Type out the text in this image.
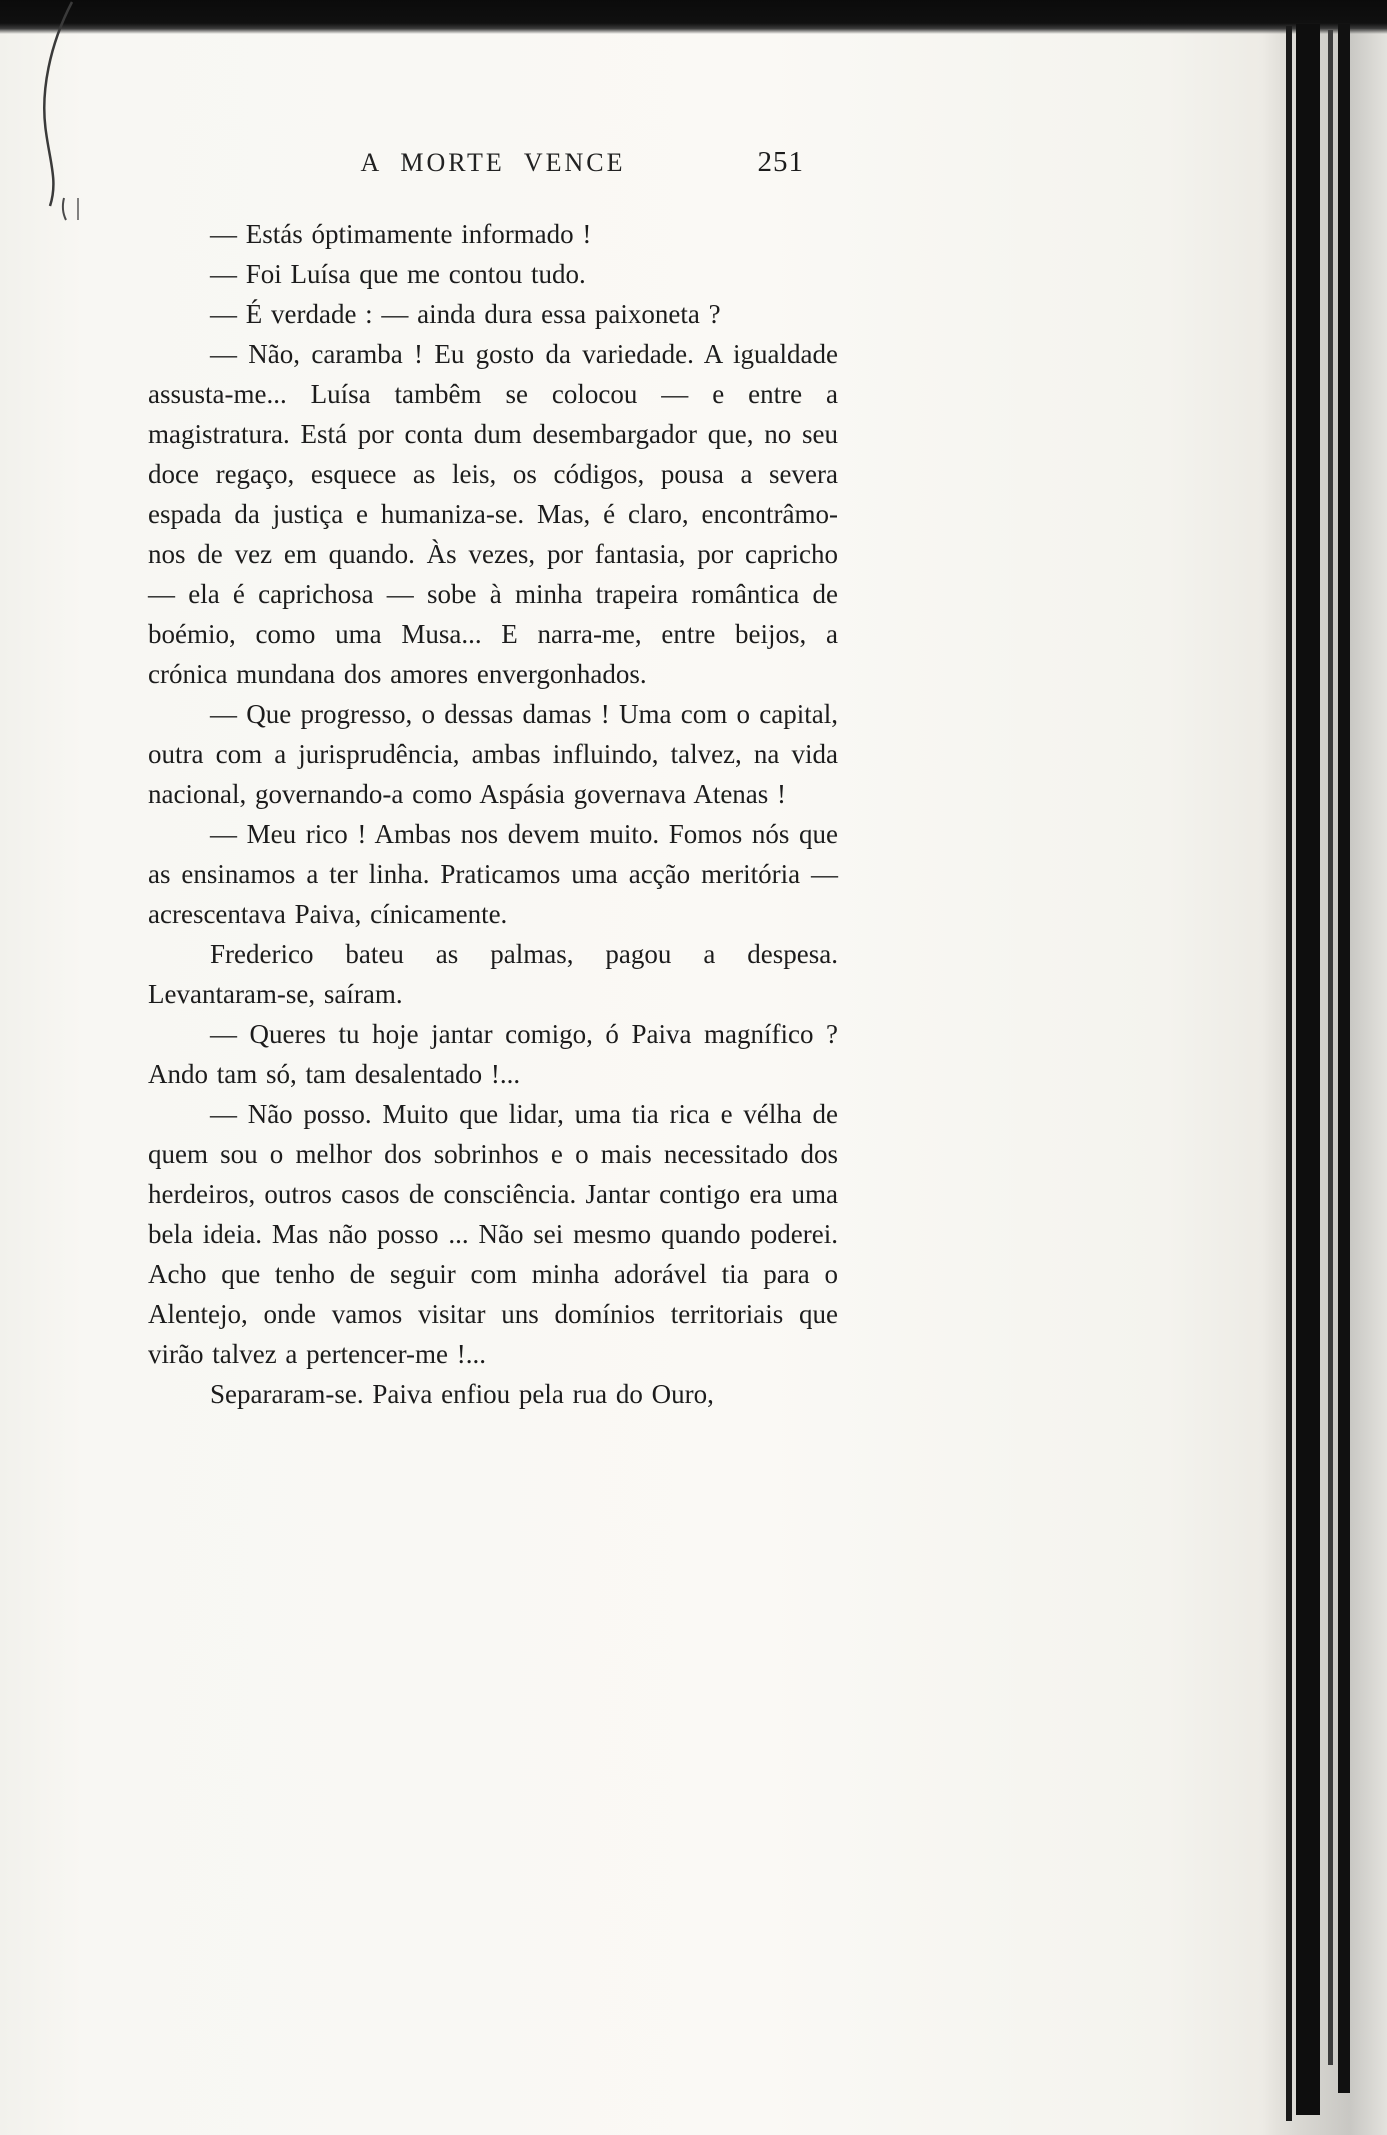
A MORTE VENCE	251

— Estás óptimamente informado !

— Foi Luísa que me contou tudo.

— É verdade : — ainda dura essa paixoneta ?

— Não, caramba ! Eu gosto da variedade. A igualdade assusta-me... Luísa tambêm se colocou — e entre a magistratura. Está por conta dum desembargador que, no seu doce regaço, esquece as leis, os códigos, pousa a severa espada da justiça e humaniza-se. Mas, é claro, encontrâmo-nos de vez em quando. Às vezes, por fantasia, por capricho — ela é caprichosa — sobe à minha trapeira romântica de boémio, como uma Musa... E narra-me, entre beijos, a crónica mundana dos amores envergonhados.

— Que progresso, o dessas damas ! Uma com o capital, outra com a jurisprudência, ambas influindo, talvez, na vida nacional, governando-a como Aspásia governava Atenas !

— Meu rico ! Ambas nos devem muito. Fomos nós que as ensinamos a ter linha. Praticamos uma acção meritória — acrescentava Paiva, cínicamente.

Frederico bateu as palmas, pagou a despesa. Levantaram-se, saíram.

— Queres tu hoje jantar comigo, ó Paiva magnífico ? Ando tam só, tam desalentado !...

— Não posso. Muito que lidar, uma tia rica e vélha de quem sou o melhor dos sobrinhos e o mais necessitado dos herdeiros, outros casos de consciência. Jantar contigo era uma bela ideia. Mas não posso ... Não sei mesmo quando poderei. Acho que tenho de seguir com minha adorável tia para o Alentejo, onde vamos visitar uns domínios territoriais que virão talvez a pertencer-me !...

Separaram-se. Paiva enfiou pela rua do Ouro,
